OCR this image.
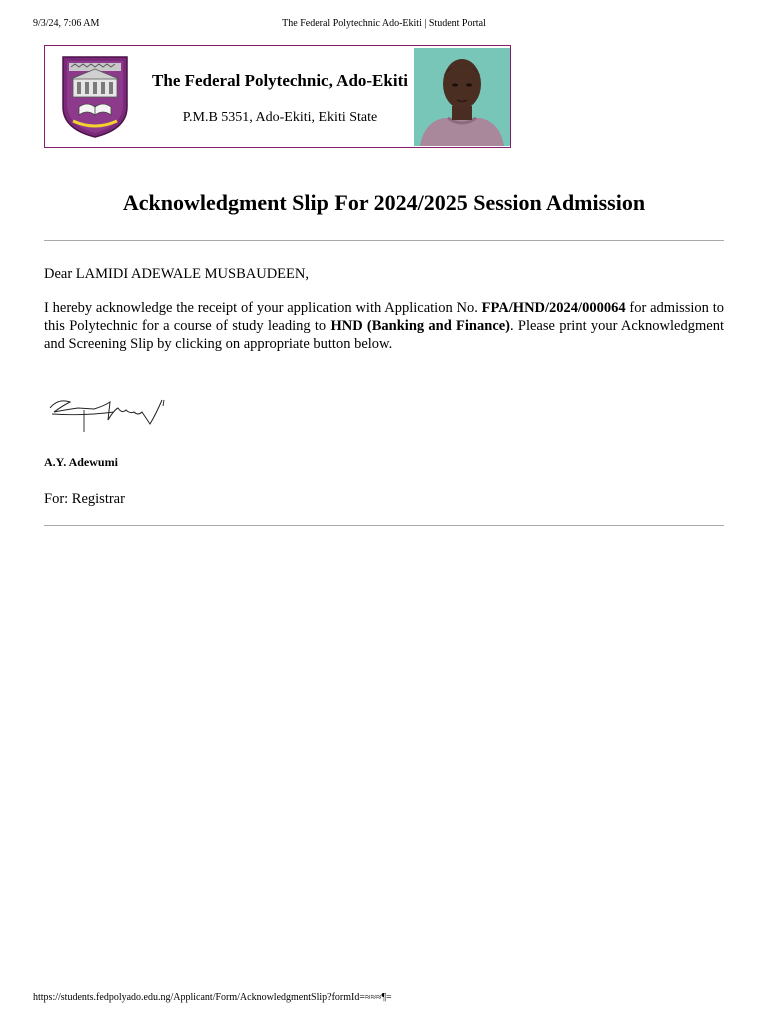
9/3/24, 7:06 AM	The Federal Polytechnic Ado-Ekiti | Student Portal
The Federal Polytechnic, Ado-Ekiti
P.M.B 5351, Ado-Ekiti, Ekiti State
Acknowledgment Slip For 2024/2025 Session Admission
Dear LAMIDI ADEWALE MUSBAUDEEN,
I hereby acknowledge the receipt of your application with Application No. FPA/HND/2024/000064 for admission to this Polytechnic for a course of study leading to HND (Banking and Finance). Please print your Acknowledgment and Screening Slip by clicking on appropriate button below.
A.Y. Adewumi
For: Registrar
https://students.fedpolyado.edu.ng/Applicant/Form/AcknowledgmentSlip?formId=≈≈≈¶=
